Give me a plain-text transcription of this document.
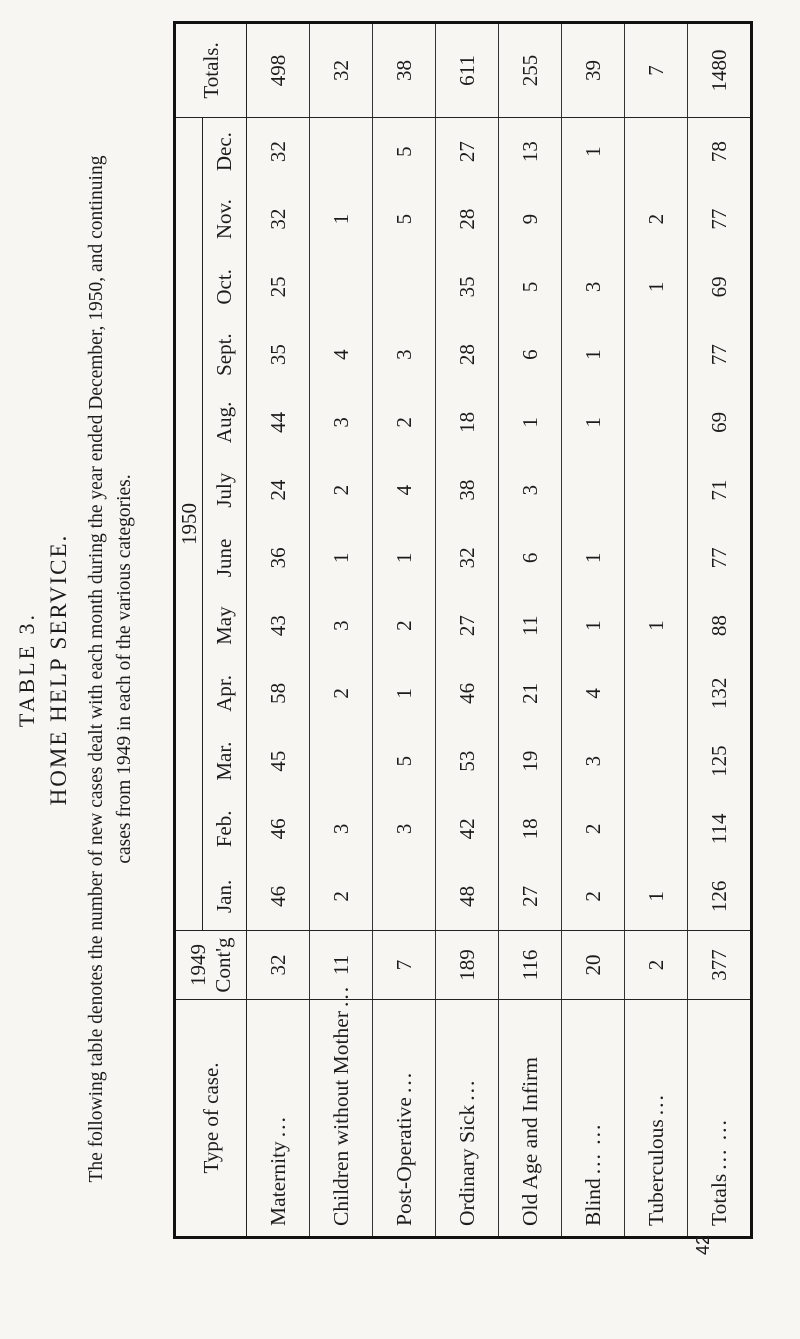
TABLE 3. HOME HELP SERVICE. The following table denotes the number of new cases dealt with each month during the year ended December, 1950, and continuing cases from 1949 in each of the various categories.
Type of case.	1949 Cont'g	1950												Totals.
		Jan.	Feb.	Mar.	Apr.	May	June	July	Aug.	Sept.	Oct.	Nov.	Dec.	
Maternity...	32	46	46	45	58	43	36	24	44	35	25	32	32	498
Children without Mother...	11	2	3		2	3	1	2	3	4		1		32
Post-Operative...	7		3	5	1	2	1	4	2	3		5	5	38
Ordinary Sick...	189	48	42	53	46	27	32	38	18	28	35	28	27	611
Old Age and Infirm	116	27	18	19	21	11	6	3	1	6	5	9	13	255
Blind... ...	20	2	2	3	4	1	1		1	1	3		1	39
Tuberculous...	2	1				1					1	2		7
Totals... ...	377	126	114	125	132	88	77	71	69	77	69	77	78	1480
42
